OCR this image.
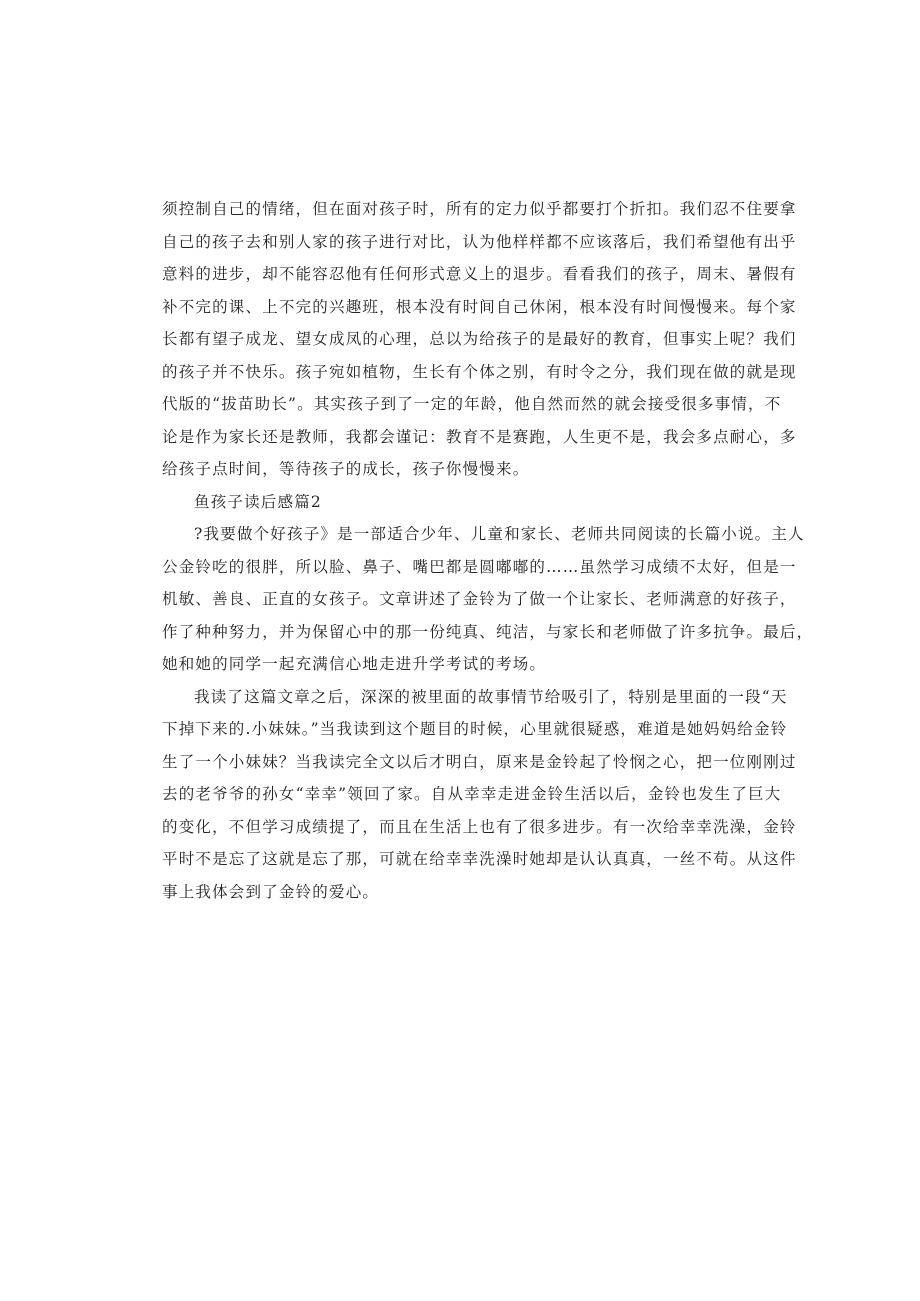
须控制自己的情绪，但在面对孩子时，所有的定力似乎都要打个折扣。我们忍不住要拿
自己的孩子去和别人家的孩子进行对比，认为他样样都不应该落后，我们希望他有出乎
意料的进步，却不能容忍他有任何形式意义上的退步。看看我们的孩子，周末、暑假有
补不完的课、上不完的兴趣班，根本没有时间自己休闲，根本没有时间慢慢来。每个家
长都有望子成龙、望女成凤的心理，总以为给孩子的是最好的教育，但事实上呢？我们
的孩子并不快乐。孩子宛如植物，生长有个体之别，有时令之分，我们现在做的就是现
代版的“拔苗助长”。其实孩子到了一定的年龄，他自然而然的就会接受很多事情，不
论是作为家长还是教师，我都会谨记：教育不是赛跑，人生更不是，我会多点耐心，多
给孩子点时间，等待孩子的成长，孩子你慢慢来。
鱼孩子读后感篇2
?我要做个好孩子》是一部适合少年、儿童和家长、老师共同阅读的长篇小说。主人
公金铃吃的很胖，所以脸、鼻子、嘴巴都是圆嘟嘟的……虽然学习成绩不太好，但是一
机敏、善良、正直的女孩子。文章讲述了金铃为了做一个让家长、老师满意的好孩子，
作了种种努力，并为保留心中的那一份纯真、纯洁，与家长和老师做了许多抗争。最后，
她和她的同学一起充满信心地走进升学考试的考场。
我读了这篇文章之后，深深的被里面的故事情节给吸引了，特别是里面的一段“天
下掉下来的.小妹妹。”当我读到这个题目的时候，心里就很疑惑，难道是她妈妈给金铃
生了一个小妹妹？当我读完全文以后才明白，原来是金铃起了怜悯之心，把一位刚刚过
去的老爷爷的孙女“幸幸”领回了家。自从幸幸走进金铃生活以后，金铃也发生了巨大
的变化，不但学习成绩提了，而且在生活上也有了很多进步。有一次给幸幸洗澡，金铃
平时不是忘了这就是忘了那，可就在给幸幸洗澡时她却是认认真真，一丝不苟。从这件
事上我体会到了金铃的爱心。
